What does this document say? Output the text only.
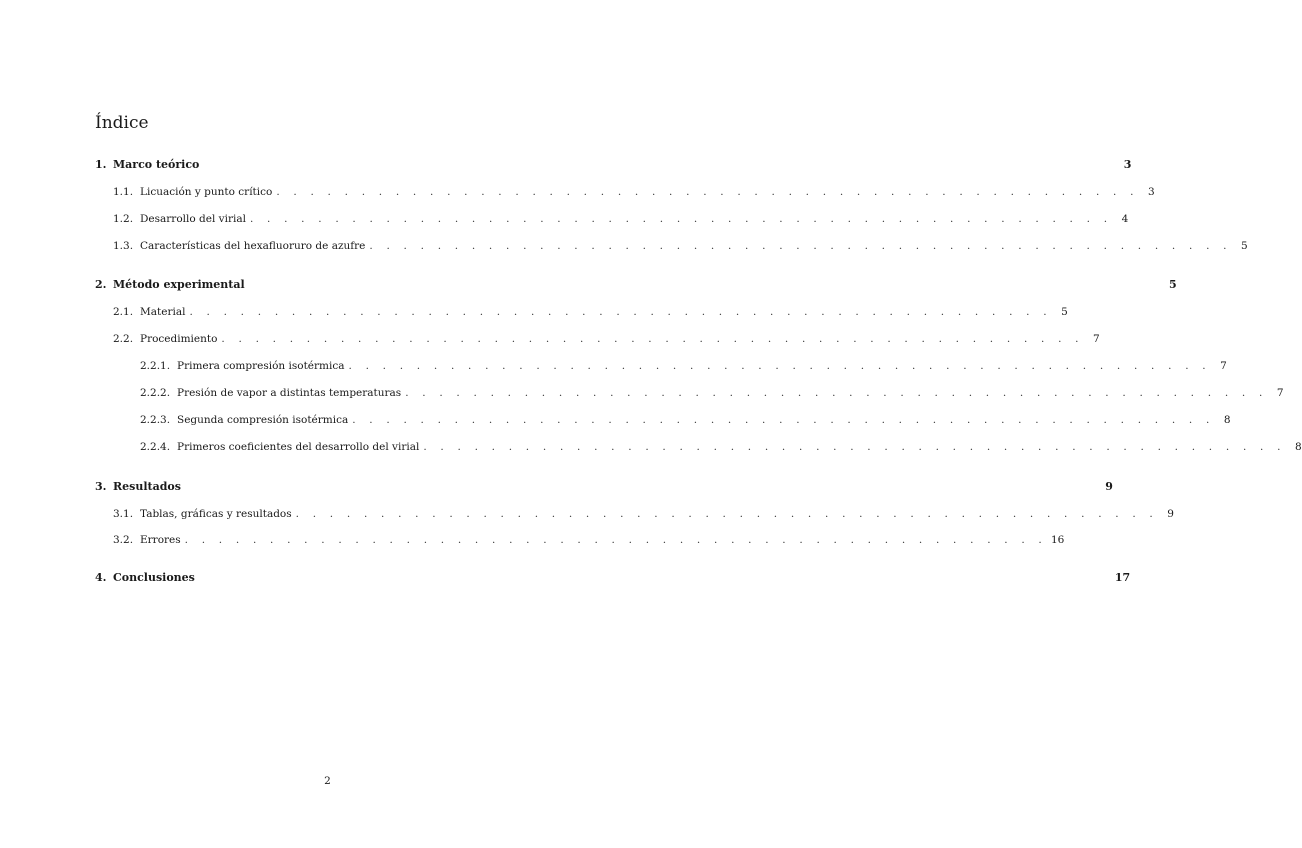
Índice
1. Marco teórico	3
1.1. Licuación y punto crítico . . . . . . . . . . . . . . . . . . . . . . . . . . . . . . . . . . . . . . . . . . . . . . . . . . . 3
1.2. Desarrollo del virial . . . . . . . . . . . . . . . . . . . . . . . . . . . . . . . . . . . . . . . . . . . . . . . . . . . 4
1.3. Características del hexafluoruro de azufre . . . . . . . . . . . . . . . . . . . . . . . . . . . . . . . . . . . . . . . . . . . . . . . . . . . 5
2. Método experimental	5
2.1. Material . . . . . . . . . . . . . . . . . . . . . . . . . . . . . . . . . . . . . . . . . . . . . . . . . . . 5
2.2. Procedimiento . . . . . . . . . . . . . . . . . . . . . . . . . . . . . . . . . . . . . . . . . . . . . . . . . . . 7
2.2.1. Primera compresión isotérmica . . . . . . . . . . . . . . . . . . . . . . . . . . . . . . . . . . . . . . . . . . . . . . . . . . . 7
2.2.2. Presión de vapor a distintas temperaturas . . . . . . . . . . . . . . . . . . . . . . . . . . . . . . . . . . . . . . . . . . . . . . . . . . . 7
2.2.3. Segunda compresión isotérmica . . . . . . . . . . . . . . . . . . . . . . . . . . . . . . . . . . . . . . . . . . . . . . . . . . . 8
2.2.4. Primeros coeficientes del desarrollo del virial . . . . . . . . . . . . . . . . . . . . . . . . . . . . . . . . . . . . . . . . . . . . . . . . . . . 8
3. Resultados	9
3.1. Tablas, gráficas y resultados . . . . . . . . . . . . . . . . . . . . . . . . . . . . . . . . . . . . . . . . . . . . . . . . . . . 9
3.2. Errores . . . . . . . . . . . . . . . . . . . . . . . . . . . . . . . . . . . . . . . . . . . . . . . . . . . 16
4. Conclusiones	17
2
